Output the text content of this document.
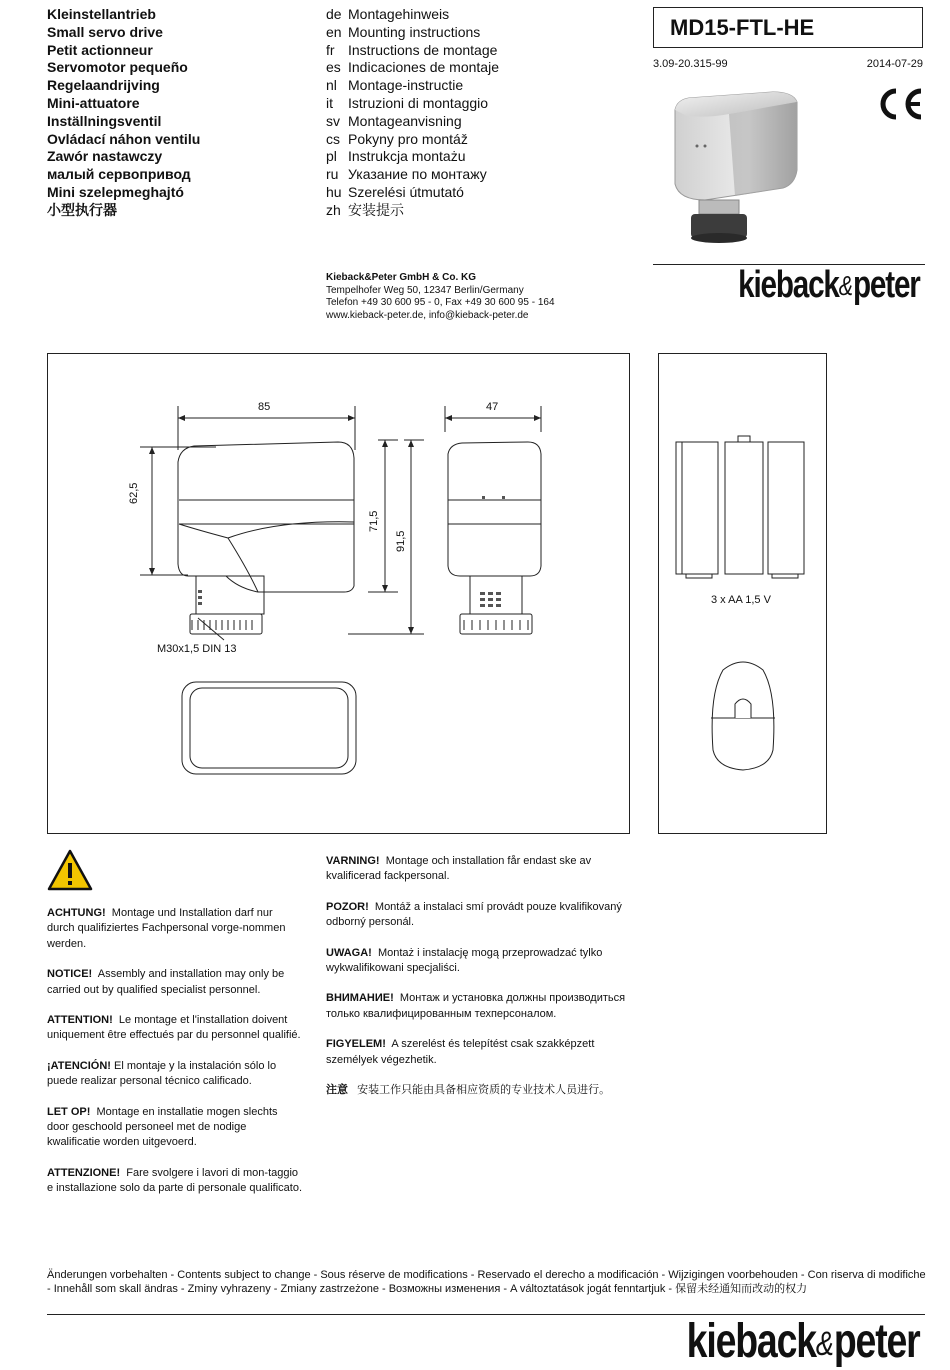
Kleinstellantrieb
Small servo drive
Petit actionneur
Servomotor pequeño
Regelaandrijving
Mini-attuatore
Inställningsventil
Ovládací náhon ventilu
Zawór nastawczy
малый сервопривод
Mini szelepmeghajtó
小型执行器
de Montagehinweis
en Mounting instructions
fr Instructions de montage
es Indicaciones de montaje
nl Montage-instructie
it Istruzioni di montaggio
sv Montageanvisning
cs Pokyny pro montáž
pl Instrukcja montażu
ru Указание по монтажу
hu Szerelési útmutató
zh 安装提示
MD15-FTL-HE
3.09-20.315-99	2014-07-29
Kieback&Peter GmbH & Co. KG
Tempelhofer Weg 50, 12347 Berlin/Germany
Telefon +49 30 600 95 - 0, Fax +49 30 600 95 - 164
www.kieback-peter.de, info@kieback-peter.de
kieback&peter
85	47
62,5
71,5
91,5
M30x1,5 DIN 13
3 x AA 1,5 V

ACHTUNG! Montage und Installation darf nur durch qualifiziertes Fachpersonal vorge-nommen werden.

NOTICE! Assembly and installation may only be carried out by qualified specialist personnel.

ATTENTION! Le montage et l'installation doivent uniquement être effectués par du personnel qualifié.

¡ATENCIÓN! El montaje y la instalación sólo lo puede realizar personal técnico calificado.

LET OP! Montage en installatie mogen slechts door geschoold personeel met de nodige kwalificatie worden uitgevoerd.

ATTENZIONE! Fare svolgere i lavori di mon-taggio e installazione solo da parte di personale qualificato.

VARNING! Montage och installation får endast ske av kvalificerad fackpersonal.

POZOR! Montáž a instalaci smí provádt pouze kvalifikovaný odborný personál.

UWAGA! Montaż i instalację mogą przeprowadzać tylko wykwalifikowani specjaliści.

ВНИМАНИЕ! Монтаж и установка должны производиться только квалифицированным техперсоналом.

FIGYELEM! A szerelést és telepítést csak szakképzett személyek végezhetik.

注意 安装工作只能由具备相应资质的专业技术人员进行。

Änderungen vorbehalten - Contents subject to change - Sous réserve de modifications - Reservado el derecho a modificación - Wijzigingen voorbehouden - Con riserva di modifiche - Innehåll som skall ändras - Zminy vyhrazeny - Zmiany zastrzeżone - Возможны изменения - A változtatások jogát fenntartjuk - 保留未经通知而改动的权力
kieback&peter
